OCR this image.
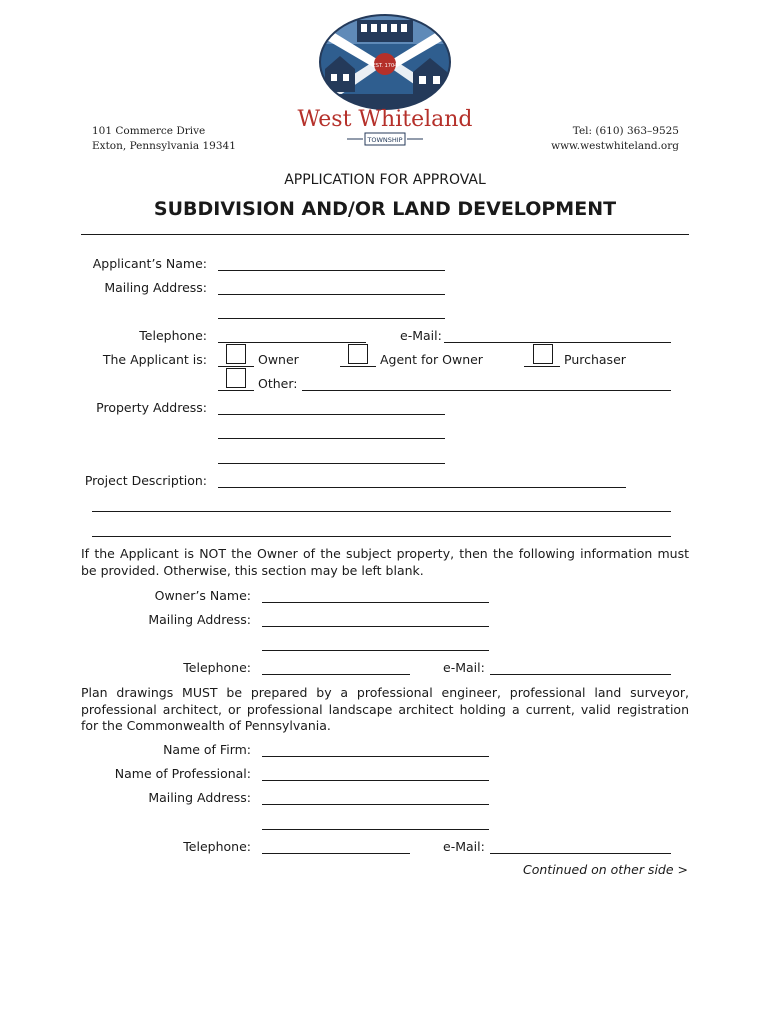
101 Commerce Drive
Exton, Pennsylvania 19341
Tel: (610) 363–9525
www.westwhiteland.org
EST. 1704
West Whiteland
TOWNSHIP
APPLICATION FOR APPROVAL
SUBDIVISION AND/OR LAND DEVELOPMENT
Applicant’s Name:
Mailing Address:
Telephone:	e-Mail:
The Applicant is:	Owner	Agent for Owner	Purchaser
Other:
Property Address:
Project Description:
If the Applicant is NOT the Owner of the subject property, then the following information must
be provided. Otherwise, this section may be left blank.
Owner’s Name:
Mailing Address:
Telephone:	e-Mail:
Plan drawings MUST be prepared by a professional engineer, professional land surveyor,
professional architect, or professional landscape architect holding a current, valid registration
for the Commonwealth of Pennsylvania.
Name of Firm:
Name of Professional:
Mailing Address:
Telephone:	e-Mail:
Continued on other side >
